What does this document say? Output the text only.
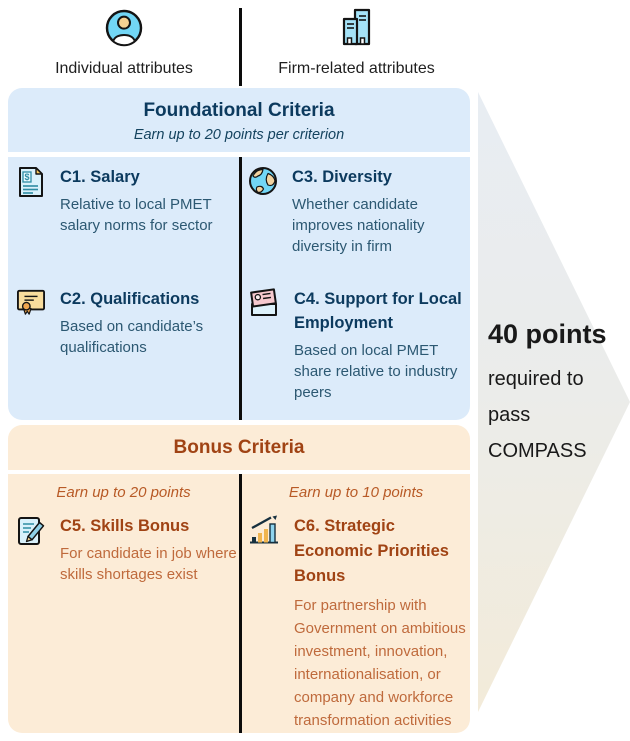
Individual attributes	Firm-related attributes
Foundational Criteria
Earn up to 20 points per criterion
$ C1. Salary
Relative to local PMET salary norms for sector
C2. Qualifications
Based on candidate’s qualifications
C3. Diversity
Whether candidate improves nationality diversity in firm
C4. Support for Local Employment
Based on local PMET share relative to industry peers
Bonus Criteria
Earn up to 20 points	Earn up to 10 points
C5. Skills Bonus
For candidate in job where skills shortages exist
C6. Strategic Economic Priorities Bonus
For partnership with Government on ambitious investment, innovation, internationalisation, or company and workforce transformation activities
40 points
required to pass COMPASS
